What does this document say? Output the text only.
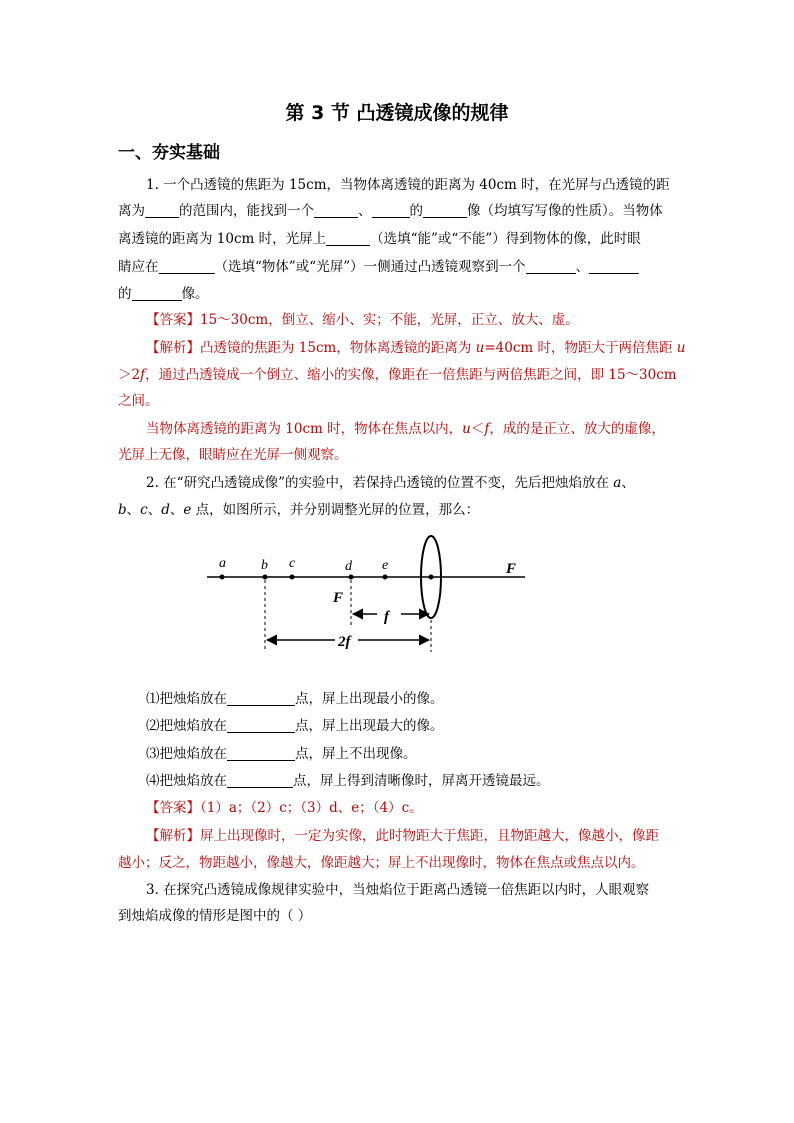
第 3 节 凸透镜成像的规律
一、夯实基础
1. 一个凸透镜的焦距为 15cm，当物体离透镜的距离为 40cm 时，在光屏与凸透镜的距
离为	的范围内，能找到一个	、	的	像（均填写写像的性质）。当物体
离透镜的距离为 10cm 时，光屏上	（选填“能”或“不能”）得到物体的像，此时眼
睛应在	（选填“物体”或“光屏”）一侧通过凸透镜观察到一个	、
的	像。
【答案】15～30cm，倒立、缩小、实；不能，光屏，正立、放大、虚。
【解析】凸透镜的焦距为 15cm，物体离透镜的距离为 u=40cm 时，物距大于两倍焦距 u
＞2f，通过凸透镜成一个倒立、缩小的实像，像距在一倍焦距与两倍焦距之间，即 15～30cm
之间。
当物体离透镜的距离为 10cm 时，物体在焦点以内，u＜f，成的是正立、放大的虚像，
光屏上无像，眼睛应在光屏一侧观察。
2. 在“研究凸透镜成像”的实验中，若保持凸透镜的位置不变，先后把烛焰放在 a、
b、c、d、e 点，如图所示，并分别调整光屏的位置，那么：
a	b c	d e	F
F
f
2f
⑴把烛焰放在	点，屏上出现最小的像。
⑵把烛焰放在	点，屏上出现最大的像。
⑶把烛焰放在	点，屏上不出现像。
⑷把烛焰放在	点，屏上得到清晰像时，屏离开透镜最远。
【答案】（1）a；（2）c；（3）d、e；（4）c。
【解析】屏上出现像时，一定为实像，此时物距大于焦距，且物距越大，像越小，像距
越小；反之，物距越小，像越大，像距越大；屏上不出现像时，物体在焦点或焦点以内。
3. 在探究凸透镜成像规律实验中，当烛焰位于距离凸透镜一倍焦距以内时，人眼观察
到烛焰成像的情形是图中的（ ）
